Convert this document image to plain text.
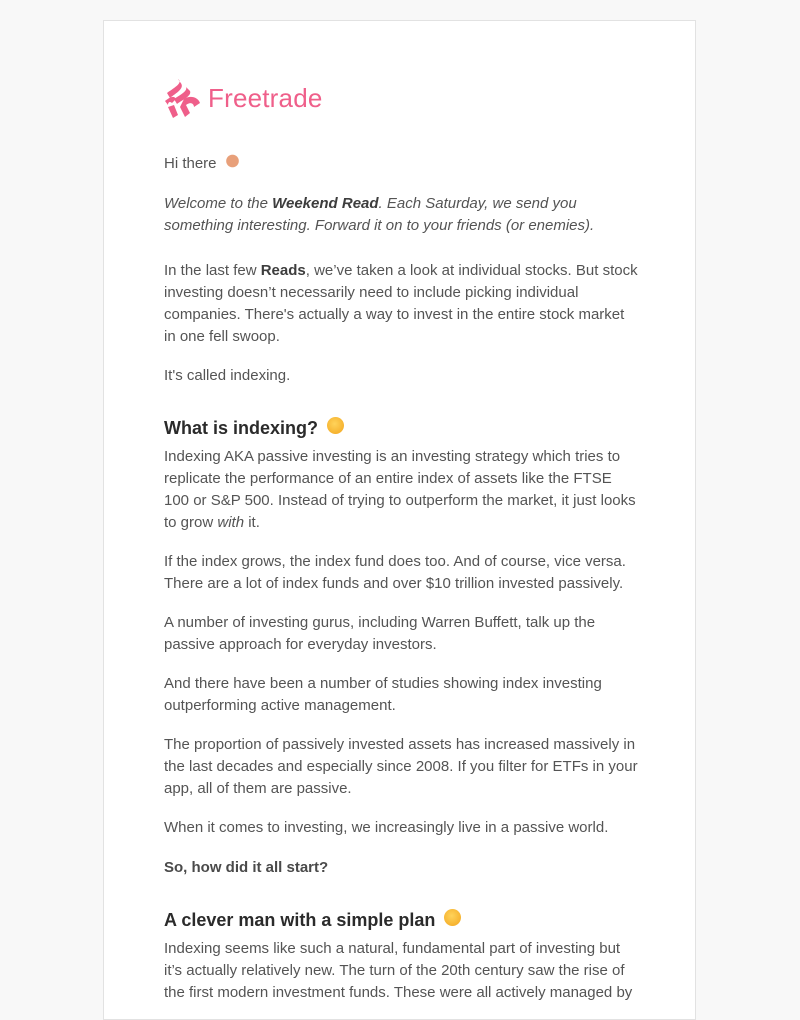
Freetrade

Hi there

Welcome to the Weekend Read. Each Saturday, we send you something interesting. Forward it on to your friends (or enemies).

In the last few Reads, we’ve taken a look at individual stocks. But stock investing doesn’t necessarily need to include picking individual companies. There's actually a way to invest in the entire stock market in one fell swoop.

It's called indexing.

What is indexing?

Indexing AKA passive investing is an investing strategy which tries to replicate the performance of an entire index of assets like the FTSE 100 or S&P 500. Instead of trying to outperform the market, it just looks to grow with it.

If the index grows, the index fund does too. And of course, vice versa. There are a lot of index funds and over $10 trillion invested passively.

A number of investing gurus, including Warren Buffett, talk up the passive approach for everyday investors.

And there have been a number of studies showing index investing outperforming active management.

The proportion of passively invested assets has increased massively in the last decades and especially since 2008. If you filter for ETFs in your app, all of them are passive.

When it comes to investing, we increasingly live in a passive world.

So, how did it all start?

A clever man with a simple plan

Indexing seems like such a natural, fundamental part of investing but it’s actually relatively new. The turn of the 20th century saw the rise of the first modern investment funds. These were all actively managed by
